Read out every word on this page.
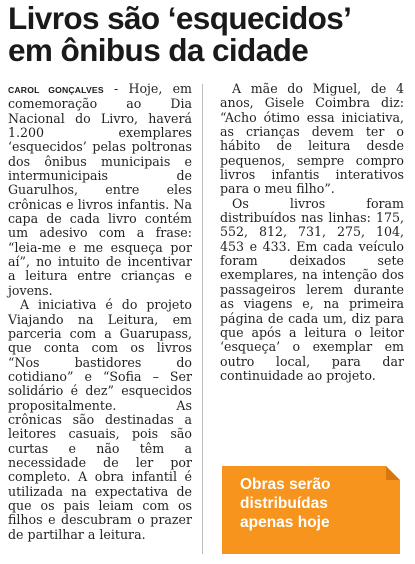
Livros são ‘esquecidos’
em ônibus da cidade

CAROL GONÇALVES - Hoje, em comemoração ao Dia Nacional do Livro, haverá 1.200 exemplares ‘esquecidos’ pelas poltronas dos ônibus municipais e intermunicipais de Guarulhos, entre eles crônicas e livros infantis. Na capa de cada livro contém um adesivo com a frase: “leia-me e me esqueça por aí”, no intuito de incentivar a leitura entre crianças e jovens.

A iniciativa é do projeto Viajando na Leitura, em parceria com a Guarupass, que conta com os livros “Nos bastidores do cotidiano” e “Sofia – Ser solidário é dez” esquecidos propositalmente. As crônicas são destinadas a leitores casuais, pois são curtas e não têm a necessidade de ler por completo. A obra infantil é utilizada na expectativa de que os pais leiam com os filhos e descubram o prazer de partilhar a leitura.

A mãe do Miguel, de 4 anos, Gisele Coimbra diz: “Acho ótimo essa iniciativa, as crianças devem ter o hábito de leitura desde pequenos, sempre compro livros infantis interativos para o meu filho”.

Os livros foram distribuídos nas linhas: 175, 552, 812, 731, 275, 104, 453 e 433. Em cada veículo foram deixados sete exemplares, na intenção dos passageiros lerem durante as viagens e, na primeira página de cada um, diz para que após a leitura o leitor ‘esqueça’ o exemplar em outro local, para dar continuidade ao projeto.

Obras serão
distribuídas
apenas hoje
